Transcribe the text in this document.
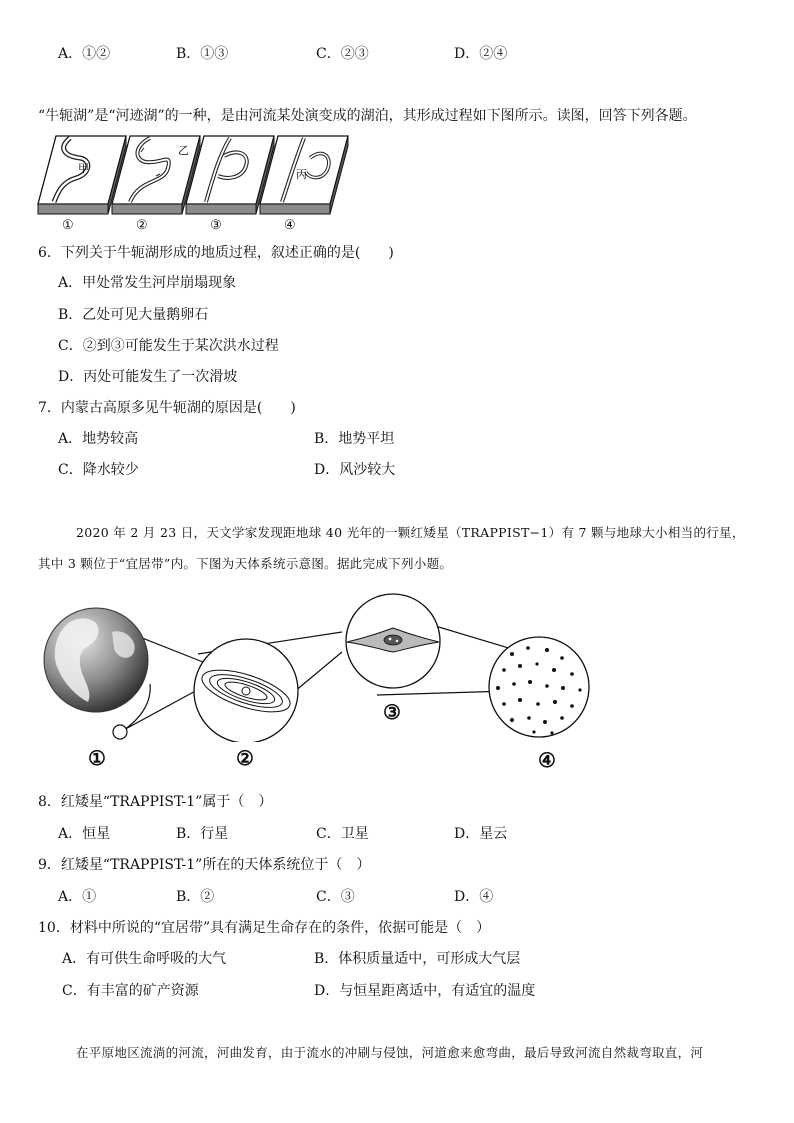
A．①②	B．①③	C．②③	D．②④
“牛轭湖”是“河迹湖”的一种，是由河流某处演变成的湖泊，其形成过程如下图所示。读图，回答下列各题。
甲
乙
丙
①	②	③	④
6．下列关于牛轭湖形成的地质过程，叙述正确的是(　　)
A．甲处常发生河岸崩塌现象
B．乙处可见大量鹅卵石
C．②到③可能发生于某次洪水过程
D．丙处可能发生了一次滑坡
7．内蒙古高原多见牛轭湖的原因是(　　)
A．地势较高	B．地势平坦
C．降水较少	D．风沙较大
2020 年 2 月 23 日，天文学家发现距地球 40 光年的一颗红矮星（TRAPPIST−1）有 7 颗与地球大小相当的行星，
其中 3 颗位于“宜居带”内。下图为天体系统示意图。据此完成下列小题。
①	②
③
④
8．红矮星“TRAPPIST-1”属于（　）
A．恒星	B．行星	C．卫星	D．星云
9．红矮星“TRAPPIST-1”所在的天体系统位于（　）
A．①	B．②	C．③	D．④
10．材料中所说的“宜居带”具有满足生命存在的条件，依据可能是（　）
A．有可供生命呼吸的大气	B．体积质量适中，可形成大气层
C．有丰富的矿产资源	D．与恒星距离适中，有适宜的温度
在平原地区流淌的河流，河曲发育，由于流水的冲刷与侵蚀，河道愈来愈弯曲，最后导致河流自然裁弯取直，河
